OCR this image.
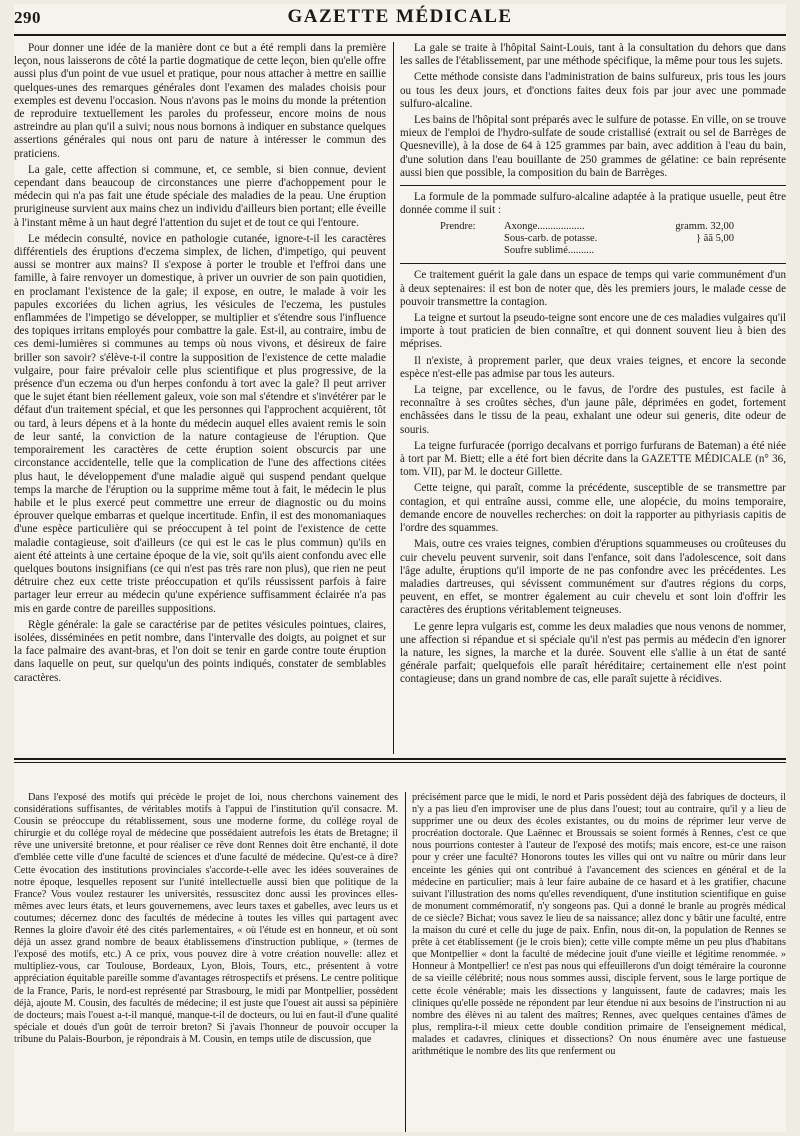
290	GAZETTE MÉDICALE

Pour donner une idée de la manière dont ce but a été rempli dans la première leçon, nous laisserons de côté la partie dogmatique de cette leçon, bien qu'elle offre aussi plus d'un point de vue usuel et pratique, pour nous attacher à mettre en saillie quelques-unes des remarques générales dont l'examen des malades choisis pour exemples est devenu l'occasion. Nous n'avons pas le moins du monde la prétention de reproduire textuellement les paroles du professeur, encore moins de nous astreindre au plan qu'il a suivi; nous nous bornons à indiquer en substance quelques assertions générales qui nous ont paru de nature à intéresser le commun des praticiens.

La gale, cette affection si commune, et, ce semble, si bien connue, devient cependant dans beaucoup de circonstances une pierre d'achoppement pour le médecin qui n'a pas fait une étude spéciale des maladies de la peau. Une éruption prurigineuse survient aux mains chez un individu d'ailleurs bien portant; elle éveille à l'instant même à un haut degré l'attention du sujet et de tout ce qui l'entoure.

Le médecin consulté, novice en pathologie cutanée, ignore-t-il les caractères différentiels des éruptions d'eczema simplex, de lichen, d'impetigo, qui peuvent aussi se montrer aux mains? Il s'expose à porter le trouble et l'effroi dans une famille, à faire renvoyer un domestique, à priver un ouvrier de son pain quotidien, en proclamant l'existence de la gale; il expose, en outre, le malade à voir les papules excoriées du lichen agrius, les vésicules de l'eczema, les pustules enflammées de l'impetigo se développer, se multiplier et s'étendre sous l'influence des topiques irritans employés pour combattre la gale. Est-il, au contraire, imbu de ces demi-lumières si communes au temps où nous vivons, et désireux de faire briller son savoir? s'élève-t-il contre la supposition de l'existence de cette maladie vulgaire, pour faire prévaloir celle plus scientifique et plus progressive, de la présence d'un eczema ou d'un herpes confondu à tort avec la gale? Il peut arriver que le sujet étant bien réellement galeux, voie son mal s'étendre et s'invétérer par le défaut d'un traitement spécial, et que les personnes qui l'approchent acquièrent, tôt ou tard, à leurs dépens et à la honte du médecin auquel elles avaient remis le soin de leur santé, la conviction de la nature contagieuse de l'éruption. Que temporairement les caractères de cette éruption soient obscurcis par une circonstance accidentelle, telle que la complication de l'une des affections citées plus haut, le développement d'une maladie aiguë qui suspend pendant quelque temps la marche de l'éruption ou la supprime même tout à fait, le médecin le plus habile et le plus exercé peut commettre une erreur de diagnostic ou du moins éprouver quelque embarras et quelque incertitude. Enfin, il est des monomaniaques d'une espèce particulière qui se préoccupent à tel point de l'existence de cette maladie contagieuse, soit d'ailleurs (ce qui est le cas le plus commun) qu'ils en aient été atteints à une certaine époque de la vie, soit qu'ils aient confondu avec elle quelques boutons insignifians (ce qui n'est pas très rare non plus), que rien ne peut détruire chez eux cette triste préoccupation et qu'ils réussissent parfois à faire partager leur erreur au médecin qu'une expérience suffisamment éclairée n'a pas mis en garde contre de pareilles suppositions.

Règle générale: la gale se caractérise par de petites vésicules pointues, claires, isolées, disséminées en petit nombre, dans l'intervalle des doigts, au poignet et sur la face palmaire des avant-bras, et l'on doit se tenir en garde contre toute éruption dans laquelle on peut, sur quelqu'un des points indiqués, constater de semblables caractères.

La gale se traite à l'hôpital Saint-Louis, tant à la consultation du dehors que dans les salles de l'établissement, par une méthode spécifique, la même pour tous les sujets.

Cette méthode consiste dans l'administration de bains sulfureux, pris tous les jours ou tous les deux jours, et d'onctions faites deux fois par jour avec une pommade sulfuro-alcaline.

Les bains de l'hôpital sont préparés avec le sulfure de potasse. En ville, on se trouve mieux de l'emploi de l'hydro-sulfate de soude cristallisé (extrait ou sel de Barrèges de Quesneville), à la dose de 64 à 125 grammes par bain, avec addition à l'eau du bain, d'une solution dans l'eau bouillante de 250 grammes de gélatine: ce bain représente aussi bien que possible, la composition du bain de Barrèges.

La formule de la pommade sulfuro-alcaline adaptée à la pratique usuelle, peut être donnée comme il suit :

Prendre:	Axonge..................	gramm. 32,00
Sous-carb. de potasse.	} ãã 5,00
Soufre sublimé..........

Ce traitement guérit la gale dans un espace de temps qui varie communément d'un à deux septenaires: il est bon de noter que, dès les premiers jours, le malade cesse de pouvoir transmettre la contagion.

La teigne et surtout la pseudo-teigne sont encore une de ces maladies vulgaires qu'il importe à tout praticien de bien connaître, et qui donnent souvent lieu à bien des méprises.

Il n'existe, à proprement parler, que deux vraies teignes, et encore la seconde espèce n'est-elle pas admise par tous les auteurs.

La teigne, par excellence, ou le favus, de l'ordre des pustules, est facile à reconnaître à ses croûtes sèches, d'un jaune pâle, déprimées en godet, fortement enchâssées dans le tissu de la peau, exhalant une odeur sui generis, dite odeur de souris.

La teigne furfuracée (porrigo decalvans et porrigo furfurans de Bateman) a été niée à tort par M. Biett; elle a été fort bien décrite dans la GAZETTE MÉDICALE (n° 36, tom. VII), par M. le docteur Gillette.

Cette teigne, qui paraît, comme la précédente, susceptible de se transmettre par contagion, et qui entraîne aussi, comme elle, une alopécie, du moins temporaire, demande encore de nouvelles recherches: on doit la rapporter au pithyriasis capitis de l'ordre des squammes.

Mais, outre ces vraies teignes, combien d'éruptions squammeuses ou croûteuses du cuir chevelu peuvent survenir, soit dans l'enfance, soit dans l'adolescence, soit dans l'âge adulte, éruptions qu'il importe de ne pas confondre avec les précédentes. Les maladies dartreuses, qui sévissent communément sur d'autres régions du corps, peuvent, en effet, se montrer également au cuir chevelu et sont loin d'offrir les caractères des éruptions véritablement teigneuses.

Le genre lepra vulgaris est, comme les deux maladies que nous venons de nommer, une affection si répandue et si spéciale qu'il n'est pas permis au médecin d'en ignorer la nature, les signes, la marche et la durée. Souvent elle s'allie à un état de santé générale parfait; quelquefois elle paraît héréditaire; certainement elle n'est point contagieuse; dans un grand nombre de cas, elle paraît sujette à récidives.

Dans l'exposé des motifs qui précède le projet de loi, nous cherchons vainement des considérations suffisantes, de véritables motifs à l'appui de l'institution qu'il consacre. M. Cousin se préoccupe du rétablissement, sous une moderne forme, du collége royal de chirurgie et du collége royal de médecine que possédaient autrefois les états de Bretagne; il rêve une université bretonne, et pour réaliser ce rêve dont Rennes doit être enchanté, il dote d'emblée cette ville d'une faculté de sciences et d'une faculté de médecine. Qu'est-ce à dire? Cette évocation des institutions provinciales s'accorde-t-elle avec les idées souveraines de notre époque, lesquelles reposent sur l'unité intellectuelle aussi bien que politique de la France? Vous voulez restaurer les universités, ressuscitez donc aussi les provinces elles-mêmes avec leurs états, et leurs gouvernemens, avec leurs taxes et gabelles, avec leurs us et coutumes; décernez donc des facultés de médecine à toutes les villes qui partagent avec Rennes la gloire d'avoir été des cités parlementaires, « où l'étude est en honneur, et où sont déjà un assez grand nombre de beaux établissemens d'instruction publique, » (termes de l'exposé des motifs, etc.) A ce prix, vous pouvez dire à votre création nouvelle: allez et multipliez-vous, car Toulouse, Bordeaux, Lyon, Blois, Tours, etc., présentent à votre appréciation équitable pareille somme d'avantages rétrospectifs et présens. Le centre politique de la France, Paris, le nord-est représenté par Strasbourg, le midi par Montpellier, possèdent déjà, ajoute M. Cousin, des facultés de médecine; il est juste que l'ouest ait aussi sa pépinière de docteurs; mais l'ouest a-t-il manqué, manque-t-il de docteurs, ou lui en faut-il d'une qualité spéciale et doués d'un goût de terroir breton? Si j'avais l'honneur de pouvoir occuper la tribune du Palais-Bourbon, je répondrais à M. Cousin, en temps utile de discussion, que

précisément parce que le midi, le nord et Paris possèdent déjà des fabriques de docteurs, il n'y a pas lieu d'en improviser une de plus dans l'ouest; tout au contraire, qu'il y a lieu de supprimer une ou deux des écoles existantes, ou du moins de réprimer leur verve de procréation doctorale. Que Laënnec et Broussais se soient formés à Rennes, c'est ce que nous pourrions contester à l'auteur de l'exposé des motifs; mais encore, est-ce une raison pour y créer une faculté? Honorons toutes les villes qui ont vu naître ou mûrir dans leur enceinte les génies qui ont contribué à l'avancement des sciences en général et de la médecine en particulier; mais à leur faire aubaine de ce hasard et à les gratifier, chacune suivant l'illustration des noms qu'elles revendiquent, d'une institution scientifique en guise de monument commémoratif, n'y songeons pas. Qui a donné le branle au progrès médical de ce siècle? Bichat; vous savez le lieu de sa naissance; allez donc y bâtir une faculté, entre la maison du curé et celle du juge de paix. Enfin, nous dit-on, la population de Rennes se prête à cet établissement (je le crois bien); cette ville compte même un peu plus d'habitans que Montpellier « dont la faculté de médecine jouit d'une vieille et légitime renommée. » Honneur à Montpellier! ce n'est pas nous qui effeuillerons d'un doigt téméraire la couronne de sa vieille célébrité; nous nous sommes aussi, disciple fervent, sous le large portique de cette école vénérable; mais les dissections y languissent, faute de cadavres; mais les cliniques qu'elle possède ne répondent par leur étendue ni aux besoins de l'instruction ni au nombre des élèves ni au talent des maîtres; Rennes, avec quelques centaines d'âmes de plus, remplira-t-il mieux cette double condition primaire de l'enseignement médical, malades et cadavres, cliniques et dissections? On nous énumère avec une fastueuse arithmétique le nombre des lits que renferment ou
